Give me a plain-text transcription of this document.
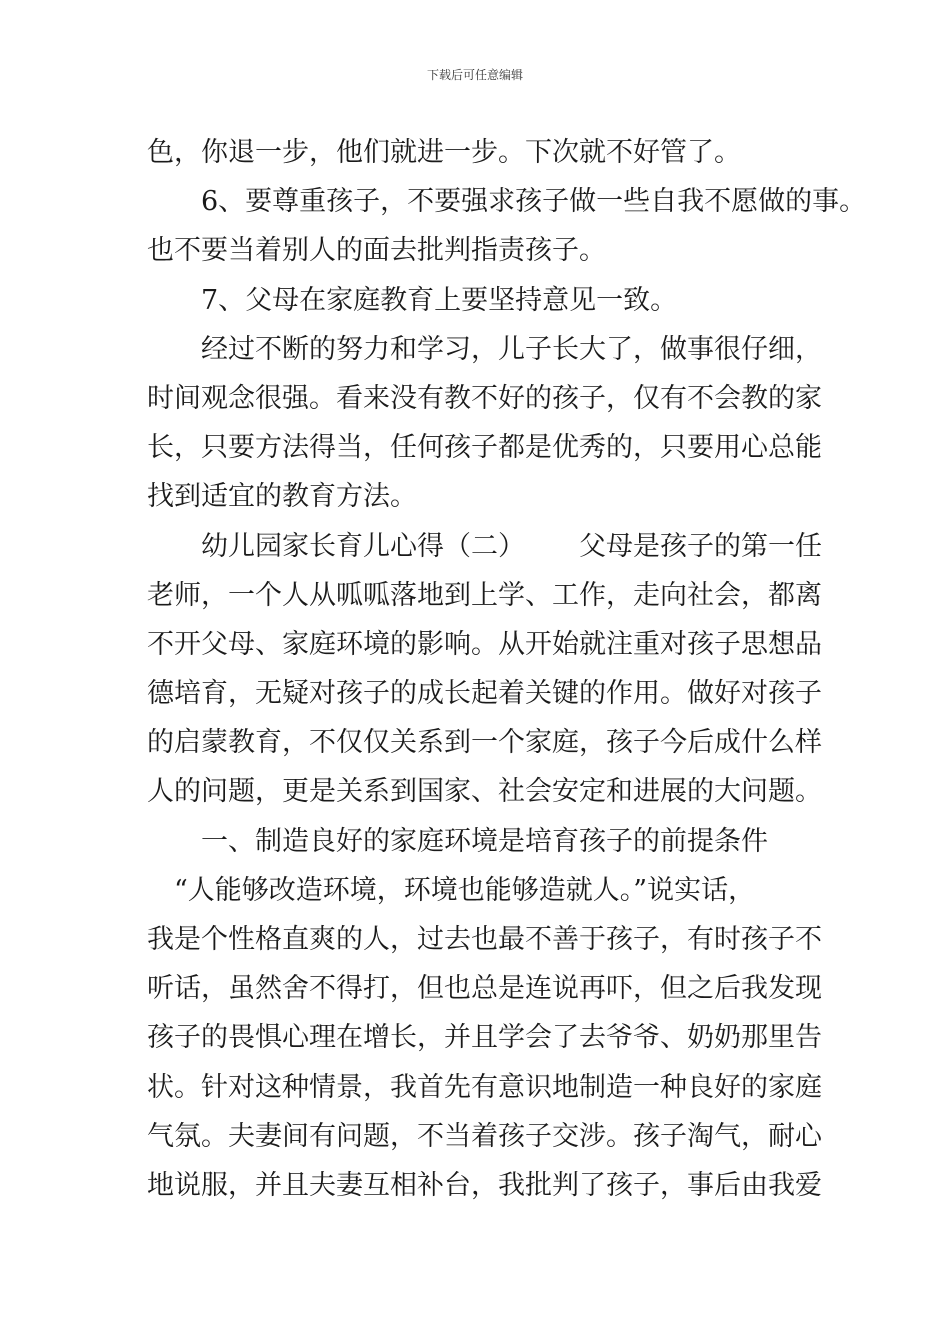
下载后可任意编辑
色，你退一步，他们就进一步。下次就不好管了。
6、要尊重孩子，不要强求孩子做一些自我不愿做的事。
也不要当着别人的面去批判指责孩子。
7、父母在家庭教育上要坚持意见一致。
经过不断的努力和学习，儿子长大了，做事很仔细，
时间观念很强。看来没有教不好的孩子，仅有不会教的家
长，只要方法得当，任何孩子都是优秀的，只要用心总能
找到适宜的教育方法。
幼儿园家长育儿心得（二） 父母是孩子的第一任
老师，一个人从呱呱落地到上学、工作，走向社会，都离
不开父母、家庭环境的影响。从开始就注重对孩子思想品
德培育，无疑对孩子的成长起着关键的作用。做好对孩子
的启蒙教育，不仅仅关系到一个家庭，孩子今后成什么样
人的问题，更是关系到国家、社会安定和进展的大问题。
一、制造良好的家庭环境是培育孩子的前提条件
“人能够改造环境，环境也能够造就人。”说实话，
我是个性格直爽的人，过去也最不善于孩子，有时孩子不
听话，虽然舍不得打，但也总是连说再吓，但之后我发现
孩子的畏惧心理在增长，并且学会了去爷爷、奶奶那里告
状。针对这种情景，我首先有意识地制造一种良好的家庭
气氛。夫妻间有问题，不当着孩子交涉。孩子淘气，耐心
地说服，并且夫妻互相补台，我批判了孩子，事后由我爱
